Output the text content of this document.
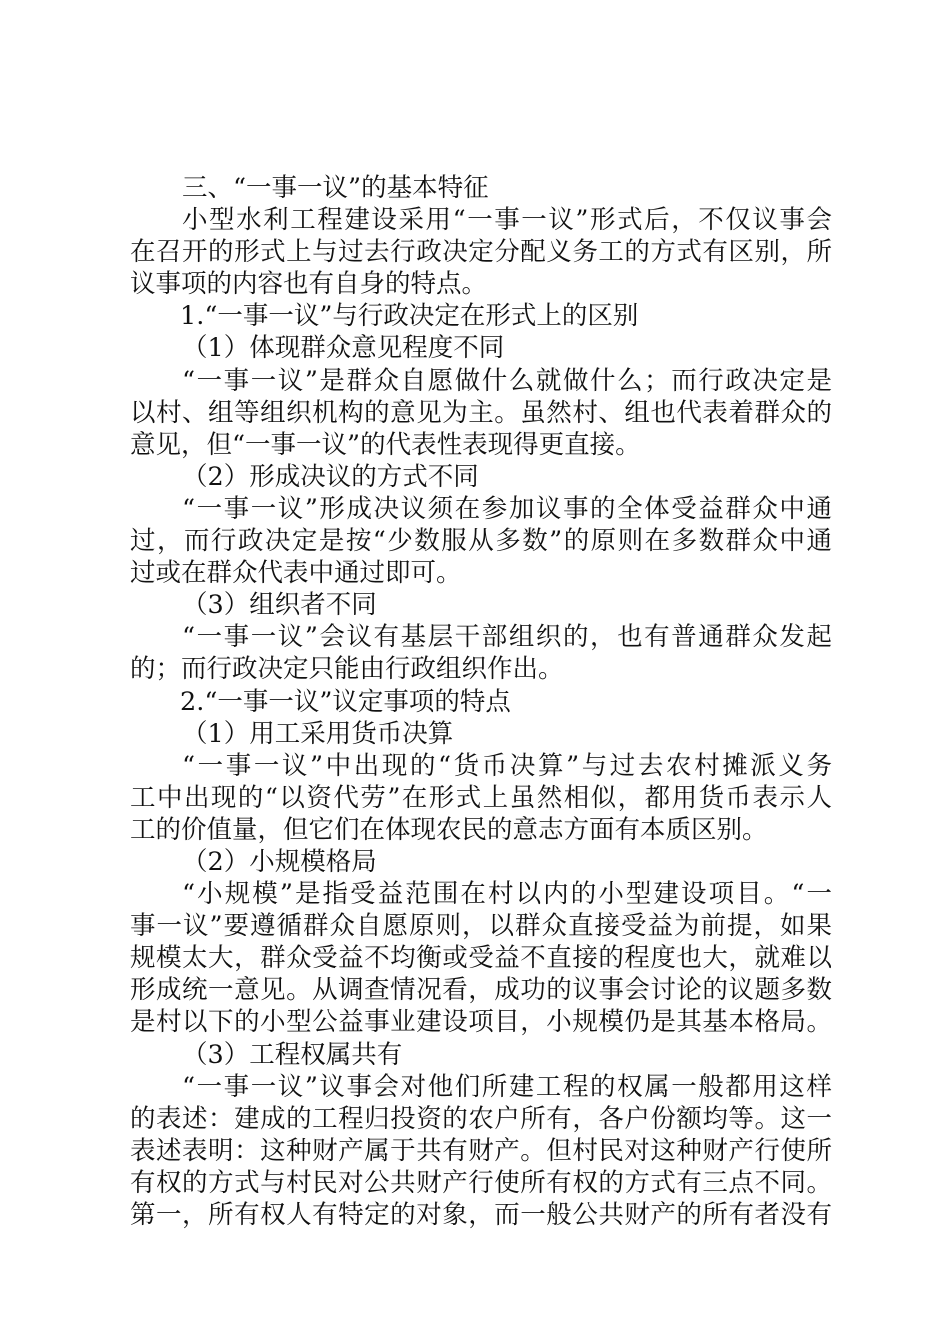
三、“一事一议”的基本特征
小型水利工程建设采用“一事一议”形式后，不仅议事会
在召开的形式上与过去行政决定分配义务工的方式有区别，所
议事项的内容也有自身的特点。
1.“一事一议”与行政决定在形式上的区别
（1）体现群众意见程度不同
“一事一议”是群众自愿做什么就做什么；而行政决定是
以村、组等组织机构的意见为主。虽然村、组也代表着群众的
意见，但“一事一议”的代表性表现得更直接。
（2）形成决议的方式不同
“一事一议”形成决议须在参加议事的全体受益群众中通
过，而行政决定是按“少数服从多数”的原则在多数群众中通
过或在群众代表中通过即可。
（3）组织者不同
“一事一议”会议有基层干部组织的，也有普通群众发起
的；而行政决定只能由行政组织作出。
2.“一事一议”议定事项的特点
（1）用工采用货币决算
“一事一议”中出现的“货币决算”与过去农村摊派义务
工中出现的“以资代劳”在形式上虽然相似，都用货币表示人
工的价值量，但它们在体现农民的意志方面有本质区别。
（2）小规模格局
“小规模”是指受益范围在村以内的小型建设项目。“一
事一议”要遵循群众自愿原则，以群众直接受益为前提，如果
规模太大，群众受益不均衡或受益不直接的程度也大，就难以
形成统一意见。从调查情况看，成功的议事会讨论的议题多数
是村以下的小型公益事业建设项目，小规模仍是其基本格局。
（3）工程权属共有
“一事一议”议事会对他们所建工程的权属一般都用这样
的表述：建成的工程归投资的农户所有，各户份额均等。这一
表述表明：这种财产属于共有财产。但村民对这种财产行使所
有权的方式与村民对公共财产行使所有权的方式有三点不同。
第一，所有权人有特定的对象，而一般公共财产的所有者没有
